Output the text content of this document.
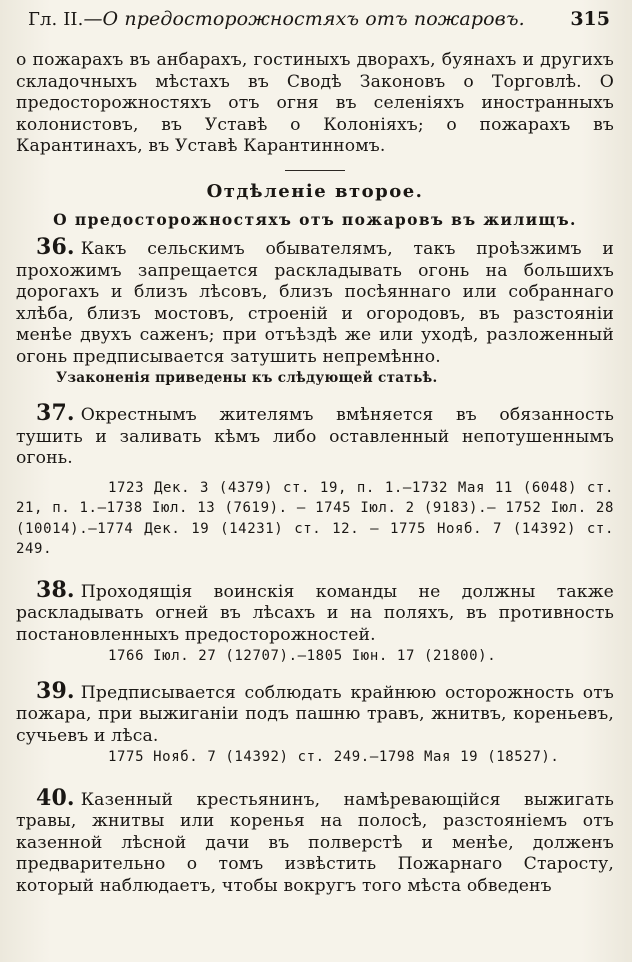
Гл. II.—О предосторожностяхъ отъ пожаровъ. 315

о пожарахъ въ анбарахъ, гостиныхъ дворахъ, буянахъ и другихъ складочныхъ мѣстахъ въ Сводѣ Законовъ о Торговлѣ. О предосторожностяхъ отъ огня въ селеніяхъ иностранныхъ колонистовъ, въ Уставѣ о Колоніяхъ; о пожарахъ въ Карантинахъ, въ Уставѣ Карантинномъ.

Отдѣленіе второе.
О предосторожностяхъ отъ пожаровъ въ жилищъ.

36. Какъ сельскимъ обывателямъ, такъ проѣзжимъ и прохожимъ запрещается раскладывать огонь на большихъ дорогахъ и близъ лѣсовъ, близъ посѣяннаго или собраннаго хлѣба, близъ мостовъ, строеній и огородовъ, въ разстояніи менѣе двухъ саженъ; при отъѣздѣ же или уходѣ, разложенный огонь предписывается затушить непремѣнно.

Узаконенія приведены къ слѣдующей статьѣ.

37. Окрестнымъ жителямъ вмѣняется въ обязанность тушить и заливать кѣмъ либо оставленный непотушеннымъ огонь.

1723 Дек. 3 (4379) ст. 19, п. 1.—1732 Мая 11 (6048) ст. 21, п. 1.—1738 Іюл. 13 (7619). — 1745 Іюл. 2 (9183).— 1752 Іюл. 28 (10014).—1774 Дек. 19 (14231) ст. 12. — 1775 Нояб. 7 (14392) ст. 249.

38. Проходящія воинскія команды не должны также раскладывать огней въ лѣсахъ и на поляхъ, въ противность постановленныхъ предосторожностей.

1766 Іюл. 27 (12707).—1805 Іюн. 17 (21800).

39. Предписывается соблюдать крайнюю осторожность отъ пожара, при выжиганіи подъ пашню травъ, жнитвъ, кореньевъ, сучьевъ и лѣса.

1775 Нояб. 7 (14392) ст. 249.—1798 Мая 19 (18527).

40. Казенный крестьянинъ, намѣревающійся выжигать травы, жнитвы или коренья на полосѣ, разстояніемъ отъ казенной лѣсной дачи въ полверстѣ и менѣе, долженъ предварительно о томъ извѣстить Пожарнаго Старосту, который наблюдаетъ, чтобы вокругъ того мѣста обведенъ
